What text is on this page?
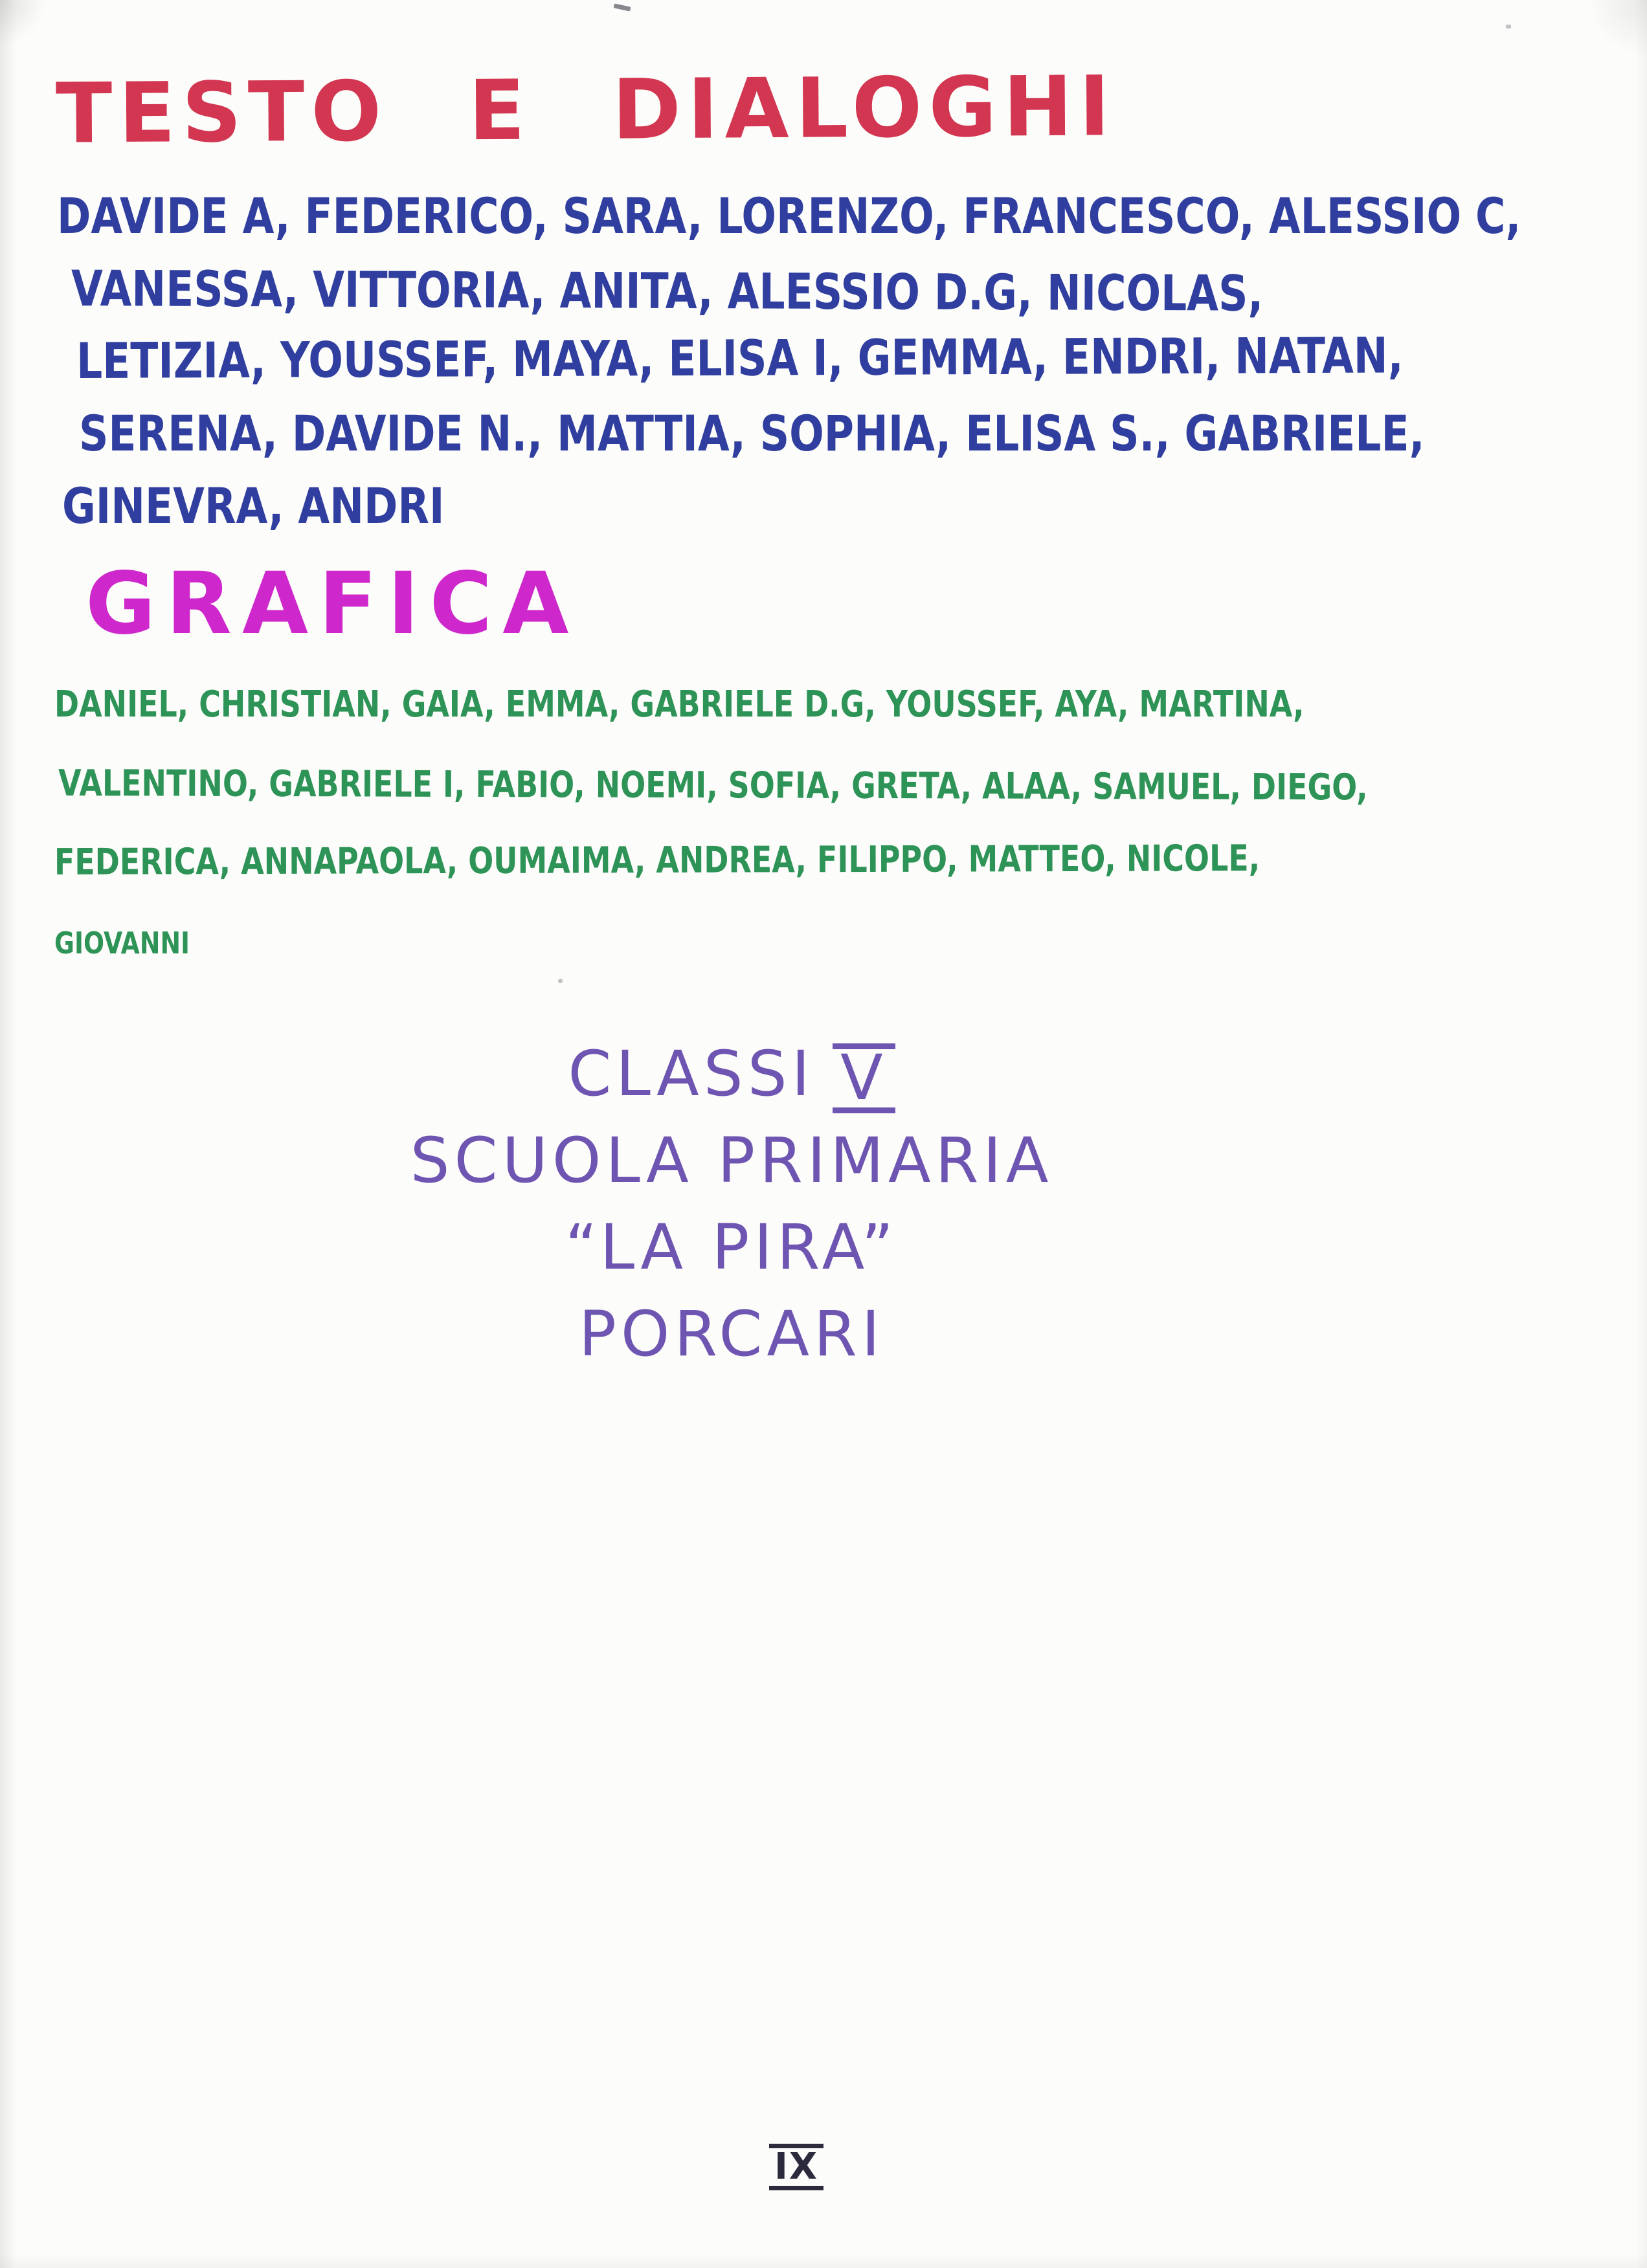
TESTO E DIALOGHI
DAVIDE A, FEDERICO, SARA, LORENZO, FRANCESCO, ALESSIO C,
VANESSA, VITTORIA, ANITA, ALESSIO D.G, NICOLAS,
LETIZIA, YOUSSEF, MAYA, ELISA I, GEMMA, ENDRI, NATAN,
SERENA, DAVIDE N., MATTIA, SOPHIA, ELISA S., GABRIELE,
GINEVRA, ANDRI
GRAFICA
DANIEL, CHRISTIAN, GAIA, EMMA, GABRIELE D.G, YOUSSEF, AYA, MARTINA,
VALENTINO, GABRIELE I, FABIO, NOEMI, SOFIA, GRETA, ALAA, SAMUEL, DIEGO,
FEDERICA, ANNAPAOLA, OUMAIMA, ANDREA, FILIPPO, MATTEO, NICOLE,
GIOVANNI
CLASSI V
SCUOLA PRIMARIA
“LA PIRA”
PORCARI
IX
